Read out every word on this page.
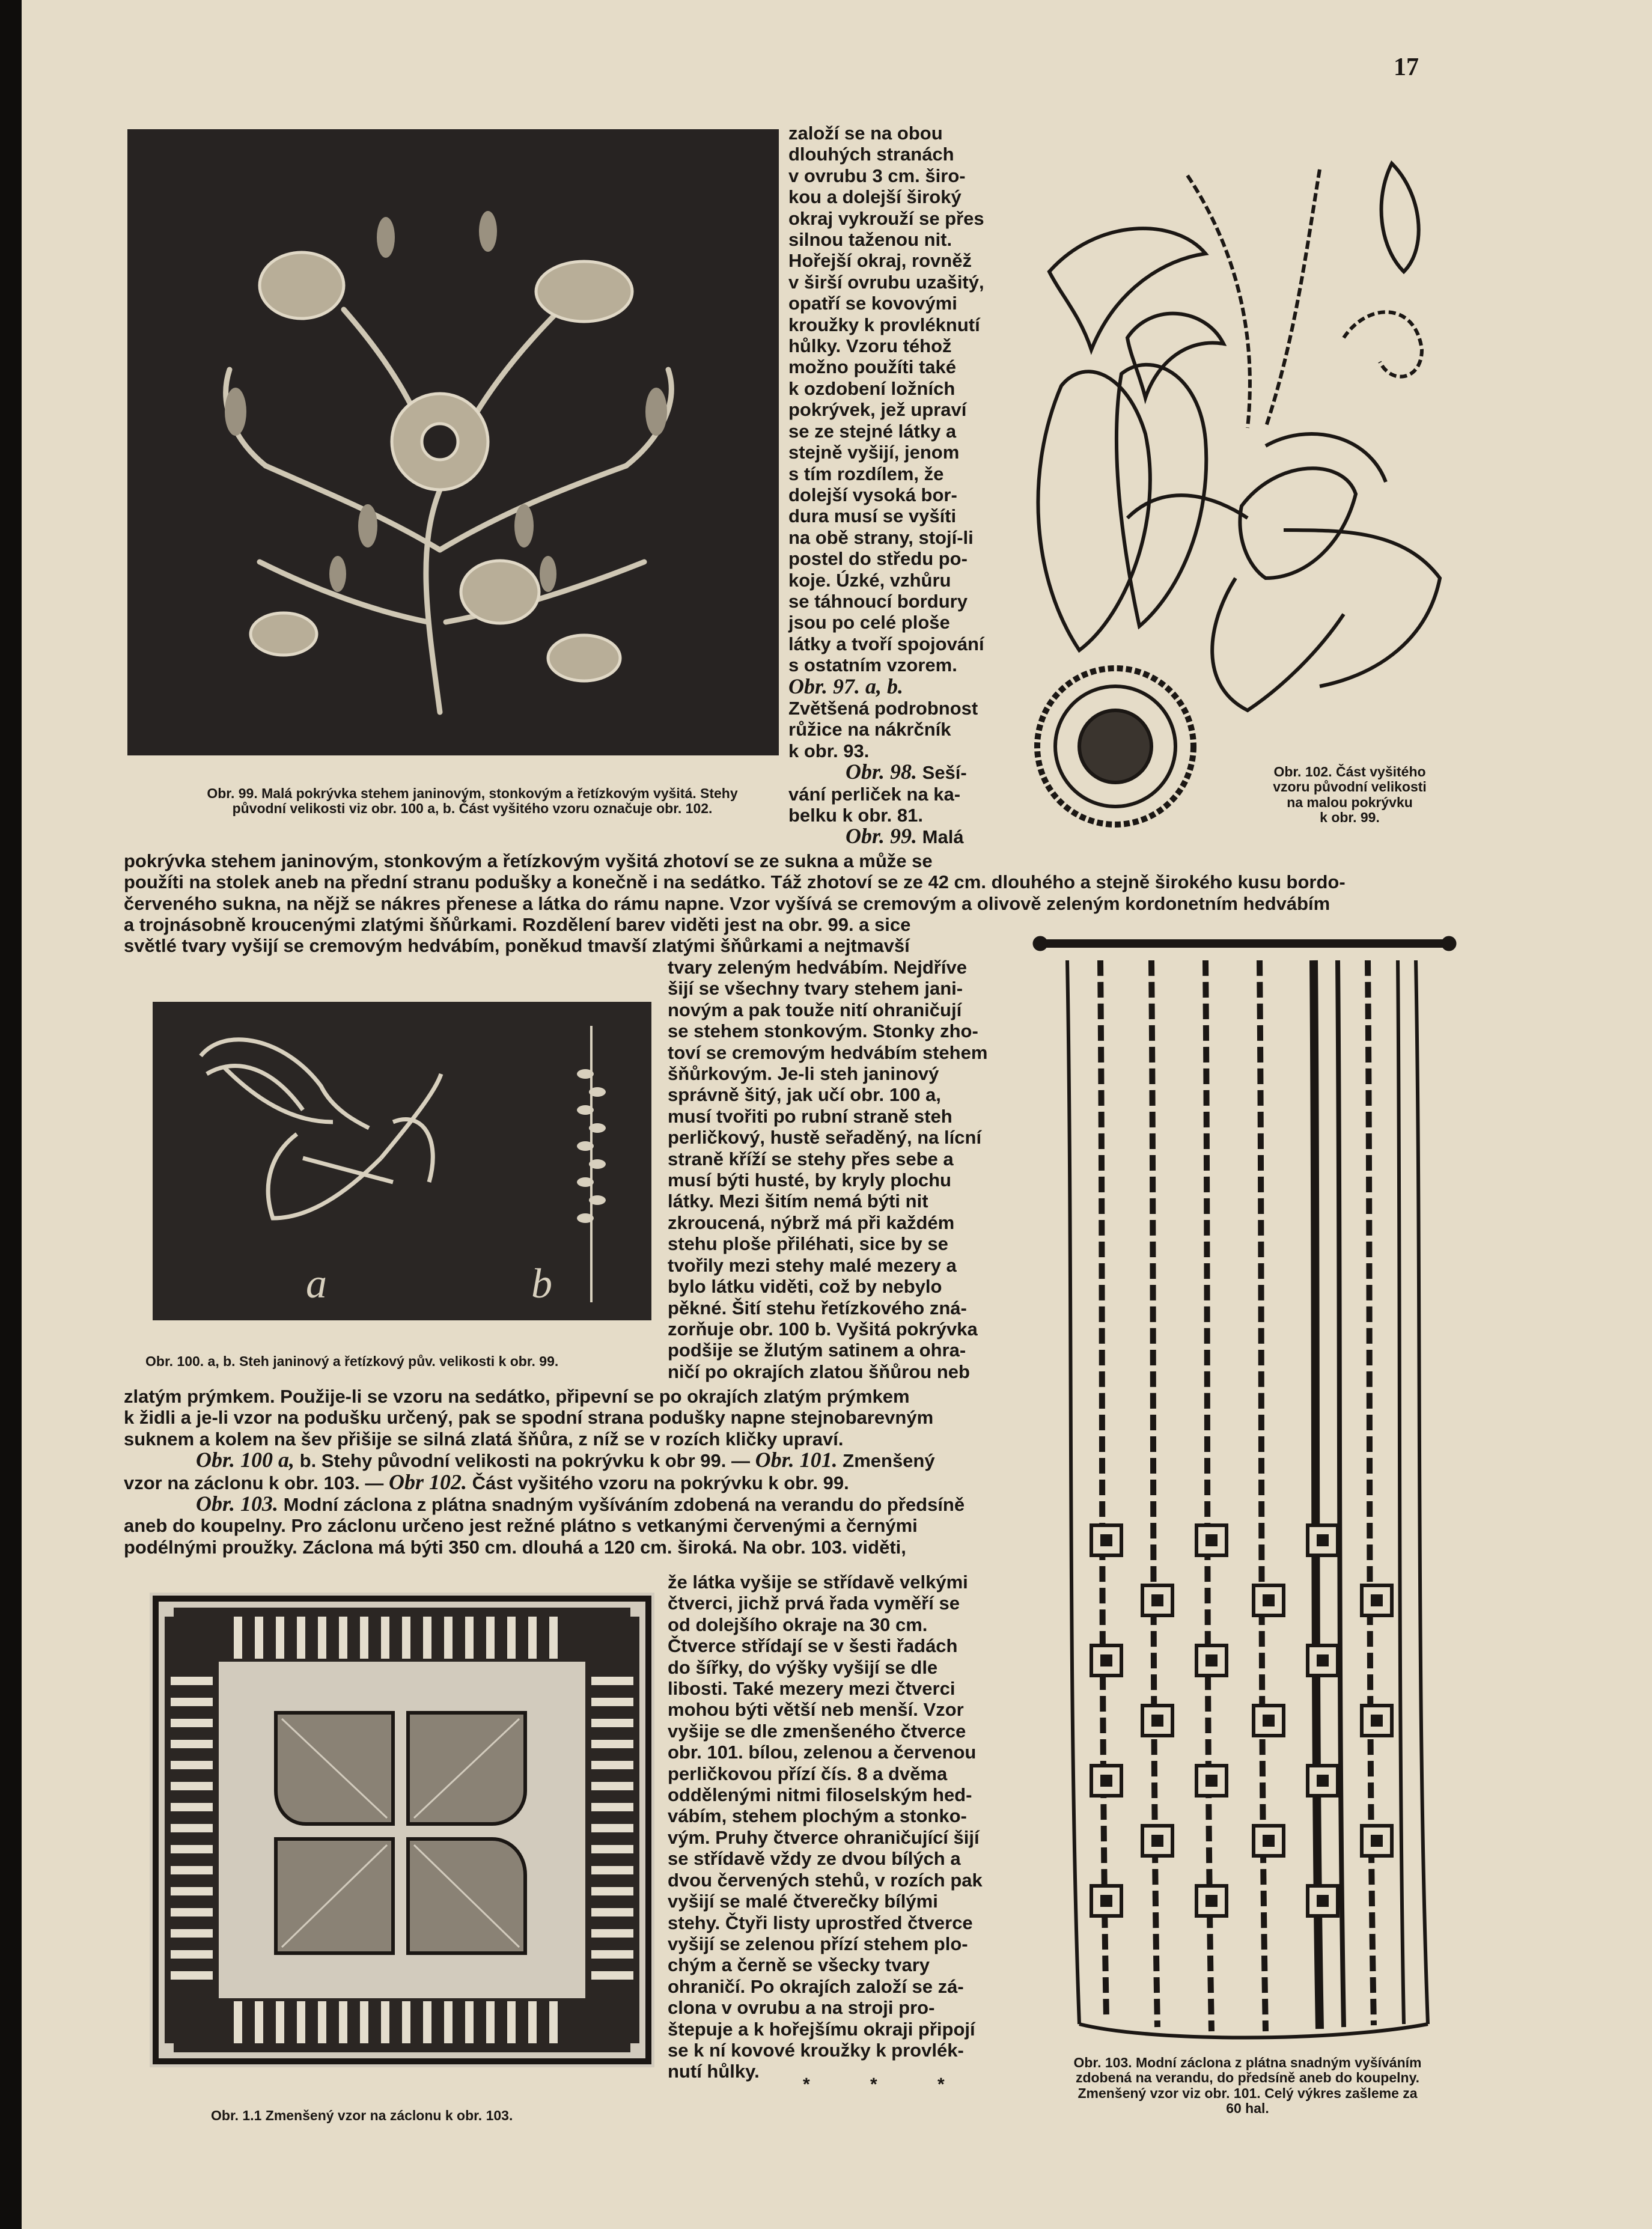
17

založí se na obou

dlouhých stranách

v ovrubu 3 cm. širo-

kou a dolejší široký

okraj vykrouží se přes

silnou taženou nit.

Hořejší okraj, rovněž

v širší ovrubu uzašitý,

opatří se kovovými

kroužky k provléknutí

hůlky. Vzoru téhož

možno použíti také

k ozdobení ložních

pokrývek, jež upraví

se ze stejné látky a

stejně vyšijí, jenom

s tím rozdílem, že

dolejší vysoká bor-

dura musí se vyšíti

na obě strany, stojí-li

postel do středu po-

koje. Úzké, vzhůru

se táhnoucí bordury

jsou po celé ploše

látky a tvoří spojování

s ostatním vzorem.

Obr. 97. a, b.

Zvětšená podrobnost

růžice na nákrčník

k obr. 93.

Obr. 98. Seší-

vání perliček na ka-

belku k obr. 81.

Obr. 99. Malá

Obr. 99. Malá pokrývka stehem janinovým, stonkovým a řetízkovým vyšitá. Stehy
původní velikosti viz obr. 100 a, b. Část vyšitého vzoru označuje obr. 102.
Obr. 102. Část vyšitého
vzoru původní velikosti
na malou pokrývku
k obr. 99.

pokrývka stehem janinovým, stonkovým a řetízkovým vyšitá zhotoví se ze sukna a může se

použíti na stolek aneb na přední stranu podušky a konečně i na sedátko. Táž zhotoví se ze 42 cm. dlouhého a stejně širokého kusu bordo-

červeného sukna, na nějž se nákres přenese a látka do rámu napne. Vzor vyšívá se cremovým a olivově zeleným kordonetním hedvábím

a trojnásobně kroucenými zlatými šňůrkami. Rozdělení barev viděti jest na obr. 99. a sice

světlé tvary vyšijí se cremovým hedvábím, poněkud tmavší zlatými šňůrkami a nejtmavší

a	b
Obr. 100. a, b. Steh janinový a řetízkový pův. velikosti k obr. 99.

tvary zeleným hedvábím. Nejdříve

šijí se všechny tvary stehem jani-

novým a pak touže nití ohraničují

se stehem stonkovým. Stonky zho-

toví se cremovým hedvábím stehem

šňůrkovým. Je-li steh janinový

správně šitý, jak učí obr. 100 a,

musí tvořiti po rubní straně steh

perličkový, hustě seřaděný, na lícní

straně kříží se stehy přes sebe a

musí býti husté, by kryly plochu

látky. Mezi šitím nemá býti nit

zkroucená, nýbrž má při každém

stehu ploše přiléhati, sice by se

tvořily mezi stehy malé mezery a

bylo látku viděti, což by nebylo

pěkné. Šití stehu řetízkového zná-

zorňuje obr. 100 b. Vyšitá pokrývka

podšije se žlutým satinem a ohra-

ničí po okrajích zlatou šňůrou neb

zlatým prýmkem. Použije-li se vzoru na sedátko, připevní se po okrajích zlatým prýmkem

k židli a je-li vzor na podušku určený, pak se spodní strana podušky napne stejnobarevným

suknem a kolem na šev přišije se silná zlatá šňůra, z níž se v rozích kličky upraví.

Obr. 100 a, b. Stehy původní velikosti na pokrývku k obr 99. — Obr. 101. Zmenšený

vzor na záclonu k obr. 103. — Obr 102. Část vyšitého vzoru na pokrývku k obr. 99.

Obr. 103. Modní záclona z plátna snadným vyšíváním zdobená na verandu do předsíně

aneb do koupelny. Pro záclonu určeno jest režné plátno s vetkanými červenými a černými

podélnými proužky. Záclona má býti 350 cm. dlouhá a 120 cm. široká. Na obr. 103. viděti,

Obr. 1.1 Zmenšený vzor na záclonu k obr. 103.

že látka vyšije se střídavě velkými

čtverci, jichž prvá řada vyměří se

od dolejšího okraje na 30 cm.

Čtverce střídají se v šesti řadách

do šířky, do výšky vyšijí se dle

libosti. Také mezery mezi čtverci

mohou býti větší neb menší. Vzor

vyšije se dle zmenšeného čtverce

obr. 101. bílou, zelenou a červenou

perličkovou přízí čís. 8 a dvěma

oddělenými nitmi filoselským hed-

vábím, stehem plochým a stonko-

vým. Pruhy čtverce ohraničující šijí

se střídavě vždy ze dvou bílých a

dvou červených stehů, v rozích pak

vyšijí se malé čtverečky bílými

stehy. Čtyři listy uprostřed čtverce

vyšijí se zelenou přízí stehem plo-

chým a černě se všecky tvary

ohraničí. Po okrajích založí se zá-

clona v ovrubu a na stroji pro-

štepuje a k hořejšímu okraji připojí

se k ní kovové kroužky k provlék-

nutí hůlky.

* * *
Obr. 103. Modní záclona z plátna snadným vyšíváním
zdobená na verandu, do předsíně aneb do koupelny.
Zmenšený vzor viz obr. 101. Celý výkres zašleme za
60 hal.
